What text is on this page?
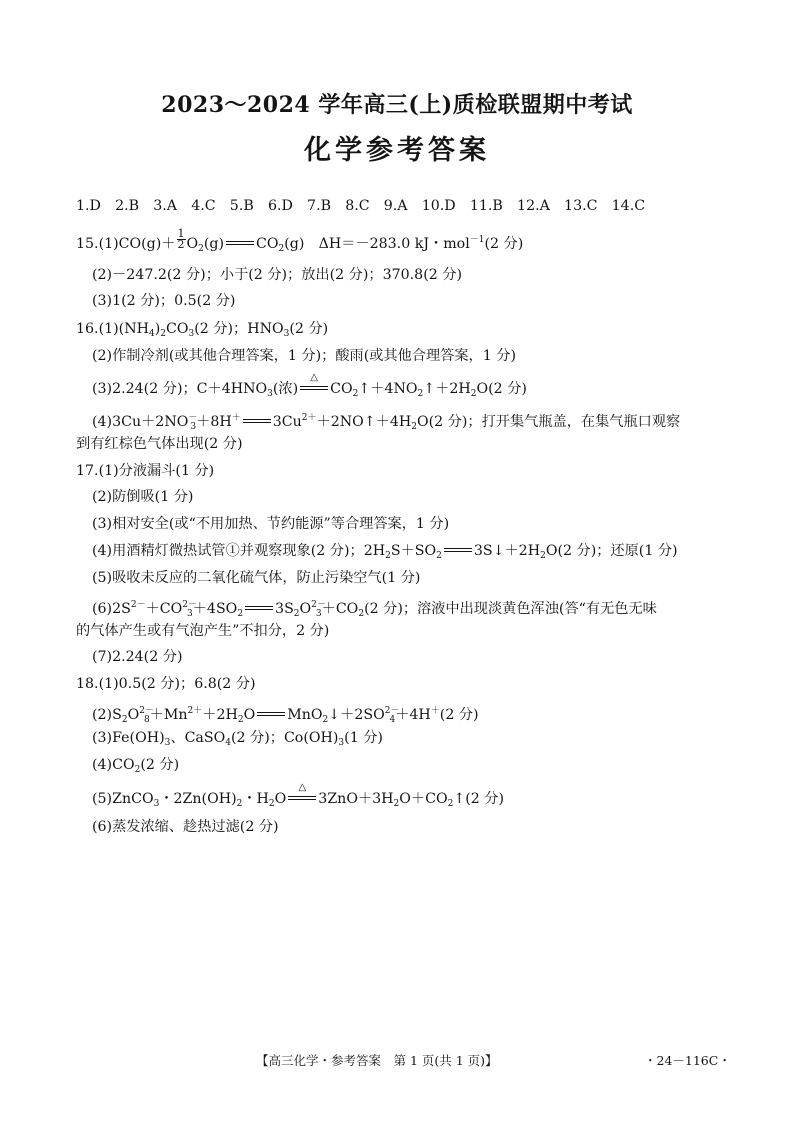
2023～2024 学年高三(上)质检联盟期中考试
化学参考答案
1.D　2.B　3.A　4.C　5.B　6.D　7.B　8.C　9.A　10.D　11.B　12.A　13.C　14.C
$15.(1)CO(g)+ \frac{1}{2} O_2(g)$ $CO_2(g)$　ΔH＝－283.0 kJ・mol$^{-1}$(2 分)
(2)－247.2(2 分)；小于(2 分)；放出(2 分)；370.8(2 分)
(3)1(2 分)；0.5(2 分)
$16.(1)(NH_4)_2CO_3(2$ 分)；$HNO_3(2$ 分)
(2)作制冷剂(或其他合理答案，1 分)；酸雨(或其他合理答案，1 分)
(3)2.24(2 分)；$C+4HNO_3$(浓)
△
$CO_2↑+4NO_2↑+2H_2O(2$ 分)
$(4)3Cu+2NO^-_3+8H^+$ $3Cu^{2+}+2NO↑+4H_2O(2$ 分)；打开集气瓶盖，在集气瓶口观察
到有红棕色气体出现(2 分)
17.(1)分液漏斗(1 分)
(2)防倒吸(1 分)
(3)相对安全(或“不用加热、节约能源”等合理答案，1 分)
(4)用酒精灯微热试管①并观察现象(2 分)；$2H_2S+SO_2$ $3S↓+2H_2O(2$ 分)；还原(1 分)
(5)吸收未反应的二氧化硫气体，防止污染空气(1 分)
$(6)2S^{2-}+CO^{2-}_3+4SO_2$ $3S_2O^{2-}_3+CO_2(2$ 分)；溶液中出现淡黄色浑浊(答“有无色无味
的气体产生或有气泡产生”不扣分，2 分)
(7)2.24(2 分)
18.(1)0.5(2 分)；6.8(2 分)
$(2)S_2O^{2-}_8+Mn^{2+}+2H_2O$ $MnO_2↓+2SO^{2-}_4+4H^+(2$ 分)
$(3)Fe(OH)_3$、CaSO$_4$(2 分)；$Co(OH)_3(1$ 分)
$(4)CO_2(2$ 分)
(5)ZnCO$_3$・$2Zn(OH)_2$・$H_2O$
△
$3ZnO+3H_2O+CO_2↑(2$ 分)
(6)蒸发浓缩、趁热过滤(2 分)
【高三化学・参考答案　第 1 页(共 1 页)】	・24－116C・
